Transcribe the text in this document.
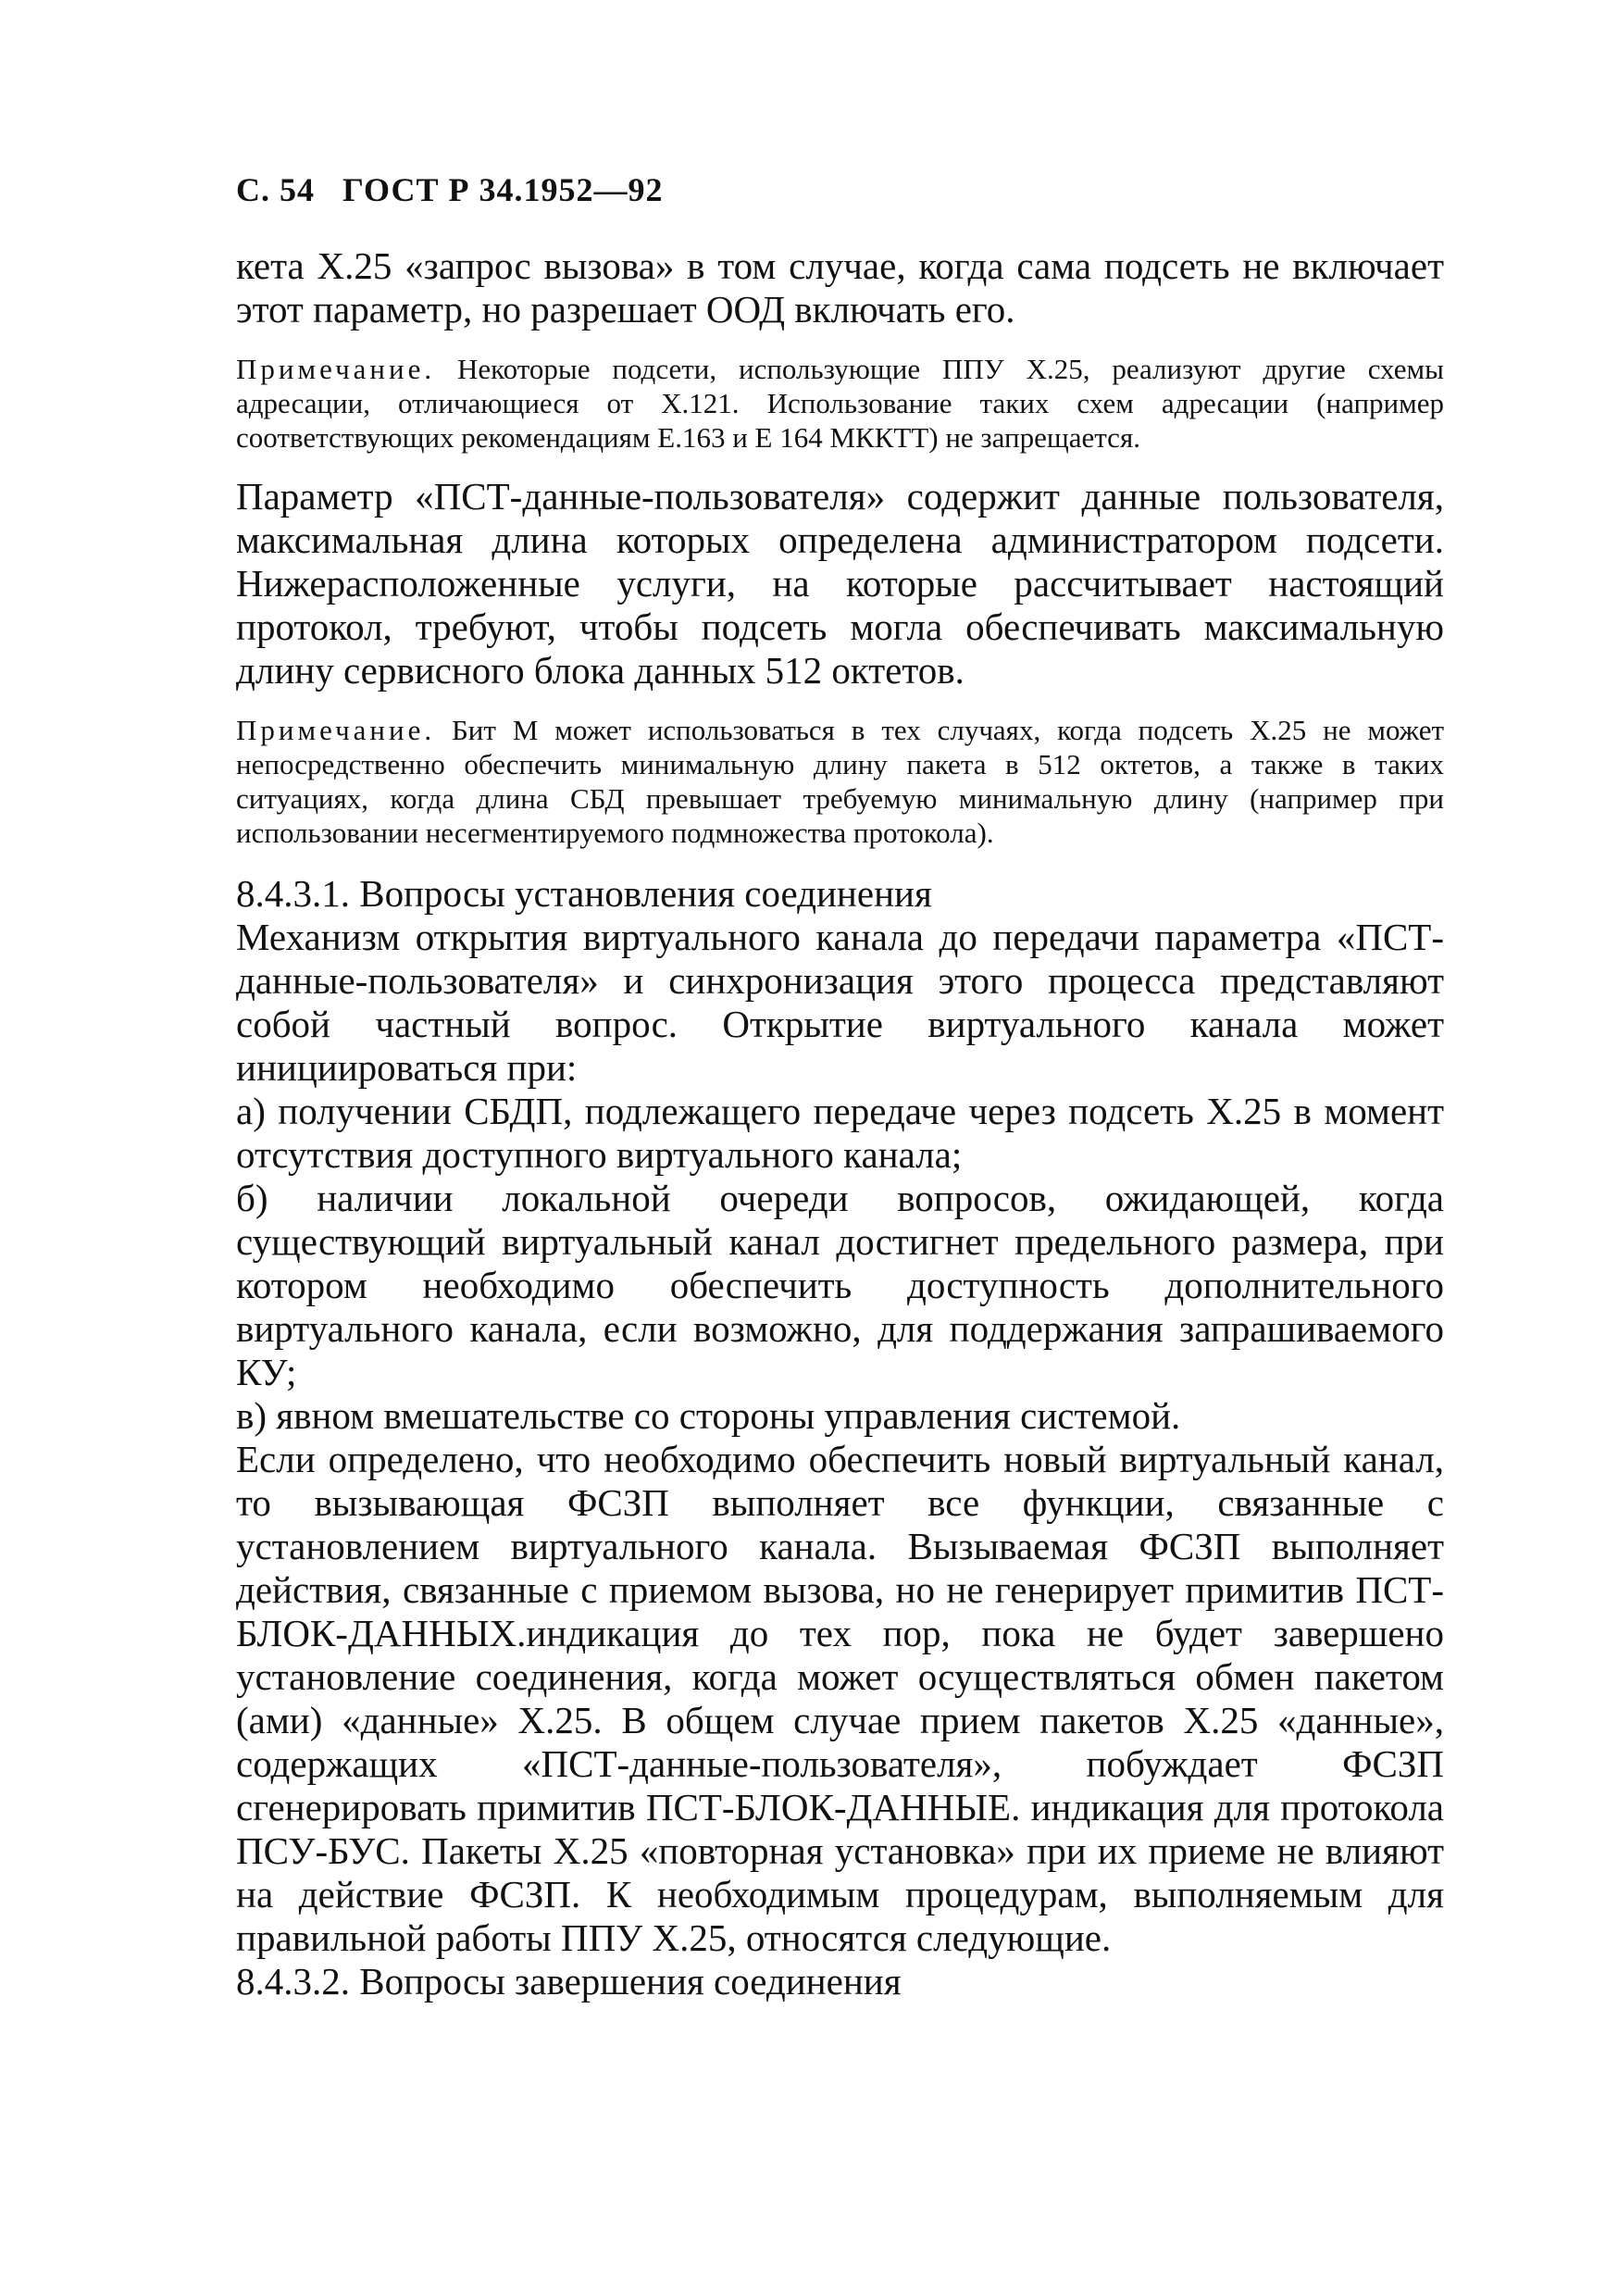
С. 54 ГОСТ Р 34.1952—92

кета Х.25 «запрос вызова» в том случае, когда сама подсеть не включает этот параметр, но разрешает ООД включать его.

Примечание. Некоторые подсети, использующие ППУ Х.25, реализуют другие схемы адресации, отличающиеся от Х.121. Использование таких схем адресации (например соответствующих рекомендациям Е.163 и Е 164 МККТТ) не запрещается.

Параметр «ПСТ-данные-пользователя» содержит данные пользователя, максимальная длина которых определена администратором подсети. Нижерасположенные услуги, на которые рассчитывает настоящий протокол, требуют, чтобы подсеть могла обеспечивать максимальную длину сервисного блока данных 512 октетов.

Примечание. Бит М может использоваться в тех случаях, когда подсеть Х.25 не может непосредственно обеспечить минимальную длину пакета в 512 октетов, а также в таких ситуациях, когда длина СБД превышает требуемую минимальную длину (например при использовании несегментируемого подмножества протокола).

8.4.3.1. Вопросы установления соединения

Механизм открытия виртуального канала до передачи параметра «ПСТ-данные-пользователя» и синхронизация этого процесса представляют собой частный вопрос. Открытие виртуального канала может инициироваться при:

а) получении СБДП, подлежащего передаче через подсеть Х.25 в момент отсутствия доступного виртуального канала;

б) наличии локальной очереди вопросов, ожидающей, когда существующий виртуальный канал достигнет предельного размера, при котором необходимо обеспечить доступность дополнительного виртуального канала, если возможно, для поддержания запрашиваемого КУ;

в) явном вмешательстве со стороны управления системой.

Если определено, что необходимо обеспечить новый виртуальный канал, то вызывающая ФСЗП выполняет все функции, связанные с установлением виртуального канала. Вызываемая ФСЗП выполняет действия, связанные с приемом вызова, но не генерирует примитив ПСТ-БЛОК-ДАННЫХ.индикация до тех пор, пока не будет завершено установление соединения, когда может осуществляться обмен пакетом (ами) «данные» Х.25. В общем случае прием пакетов Х.25 «данные», содержащих «ПСТ-данные-пользователя», побуждает ФСЗП сгенерировать примитив ПСТ-БЛОК-ДАННЫЕ. индикация для протокола ПСУ-БУС. Пакеты Х.25 «повторная установка» при их приеме не влияют на действие ФСЗП. К необходимым процедурам, выполняемым для правильной работы ППУ Х.25, относятся следующие.

8.4.3.2. Вопросы завершения соединения
